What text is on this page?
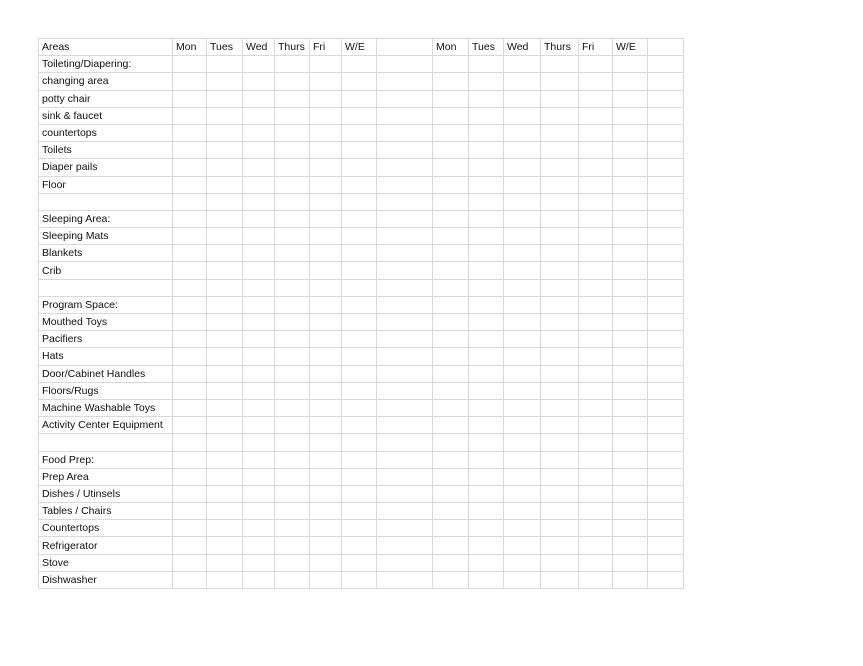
Areas	Mon	Tues	Wed	Thurs	Fri	W/E		Mon	Tues	Wed	Thurs	Fri	W/E	
Toileting/Diapering:														
changing area														
potty chair														
sink & faucet														
countertops														
Toilets														
Diaper pails														
Floor														

Sleeping Area:														
Sleeping Mats														
Blankets														
Crib														

Program Space:														
Mouthed Toys														
Pacifiers														
Hats														
Door/Cabinet Handles														
Floors/Rugs														
Machine Washable Toys														
Activity Center Equipment														

Food Prep:														
Prep Area														
Dishes / Utinsels														
Tables / Chairs														
Countertops														
Refrigerator														
Stove														
Dishwasher														
